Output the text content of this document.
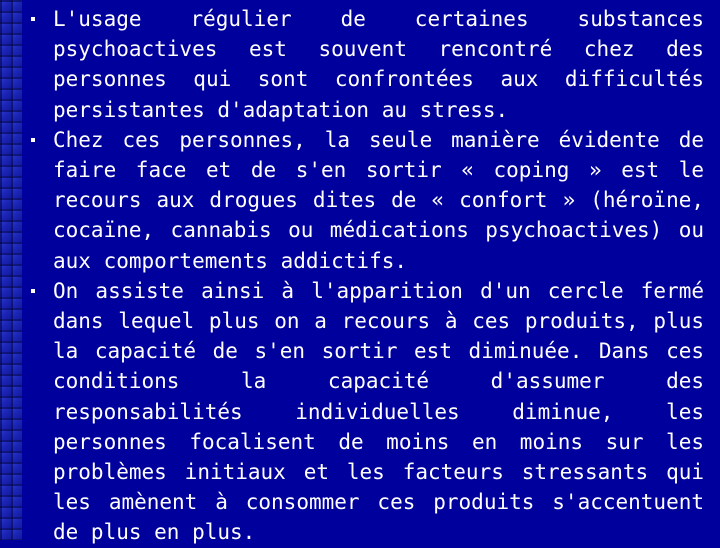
L'usage régulier de certaines substances psychoactives est souvent rencontré chez des personnes qui sont confrontées aux difficultés persistantes d'adaptation au stress.
Chez ces personnes, la seule manière évidente de faire face et de s'en sortir « coping » est le recours aux drogues dites de « confort » (héroïne, cocaïne, cannabis ou médications psychoactives) ou aux comportements addictifs.
On assiste ainsi à l'apparition d'un cercle fermé dans lequel plus on a recours à ces produits, plus la capacité de s'en sortir est diminuée. Dans ces conditions la capacité d'assumer des responsabilités individuelles diminue, les personnes focalisent de moins en moins sur les problèmes initiaux et les facteurs stressants qui les amènent à consommer ces produits s'accentuent de plus en plus.
